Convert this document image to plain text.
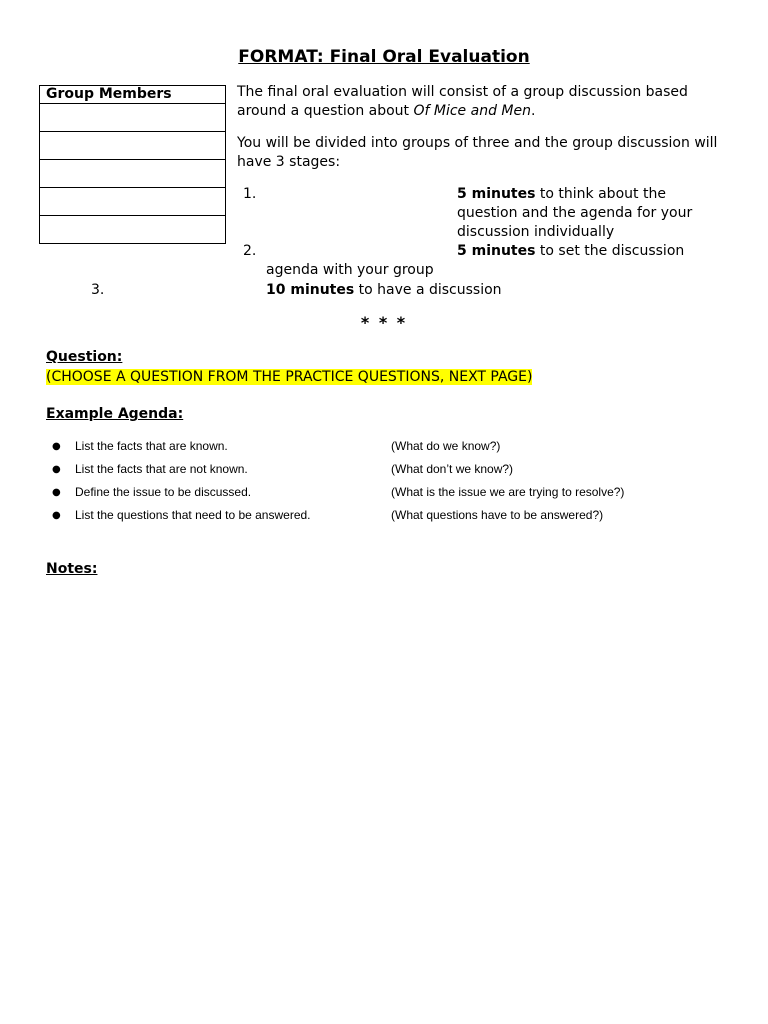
FORMAT: Final Oral Evaluation
Group Members	The final oral evaluation will consist of a group discussion based around a question about Of Mice and Men.
You will be divided into groups of three and the group discussion will have 3 stages:
1.	5 minutes to think about the
question and the agenda for your
discussion individually
2.	5 minutes to set the discussion
agenda with your group
3.	10 minutes to have a discussion
* * *
Question:
(CHOOSE A QUESTION FROM THE PRACTICE QUESTIONS, NEXT PAGE)
Example Agenda:
● List the facts that are known.	(What do we know?)
● List the facts that are not known.	(What don’t we know?)
● Define the issue to be discussed.	(What is the issue we are trying to resolve?)
● List the questions that need to be answered.	(What questions have to be answered?)
Notes:
